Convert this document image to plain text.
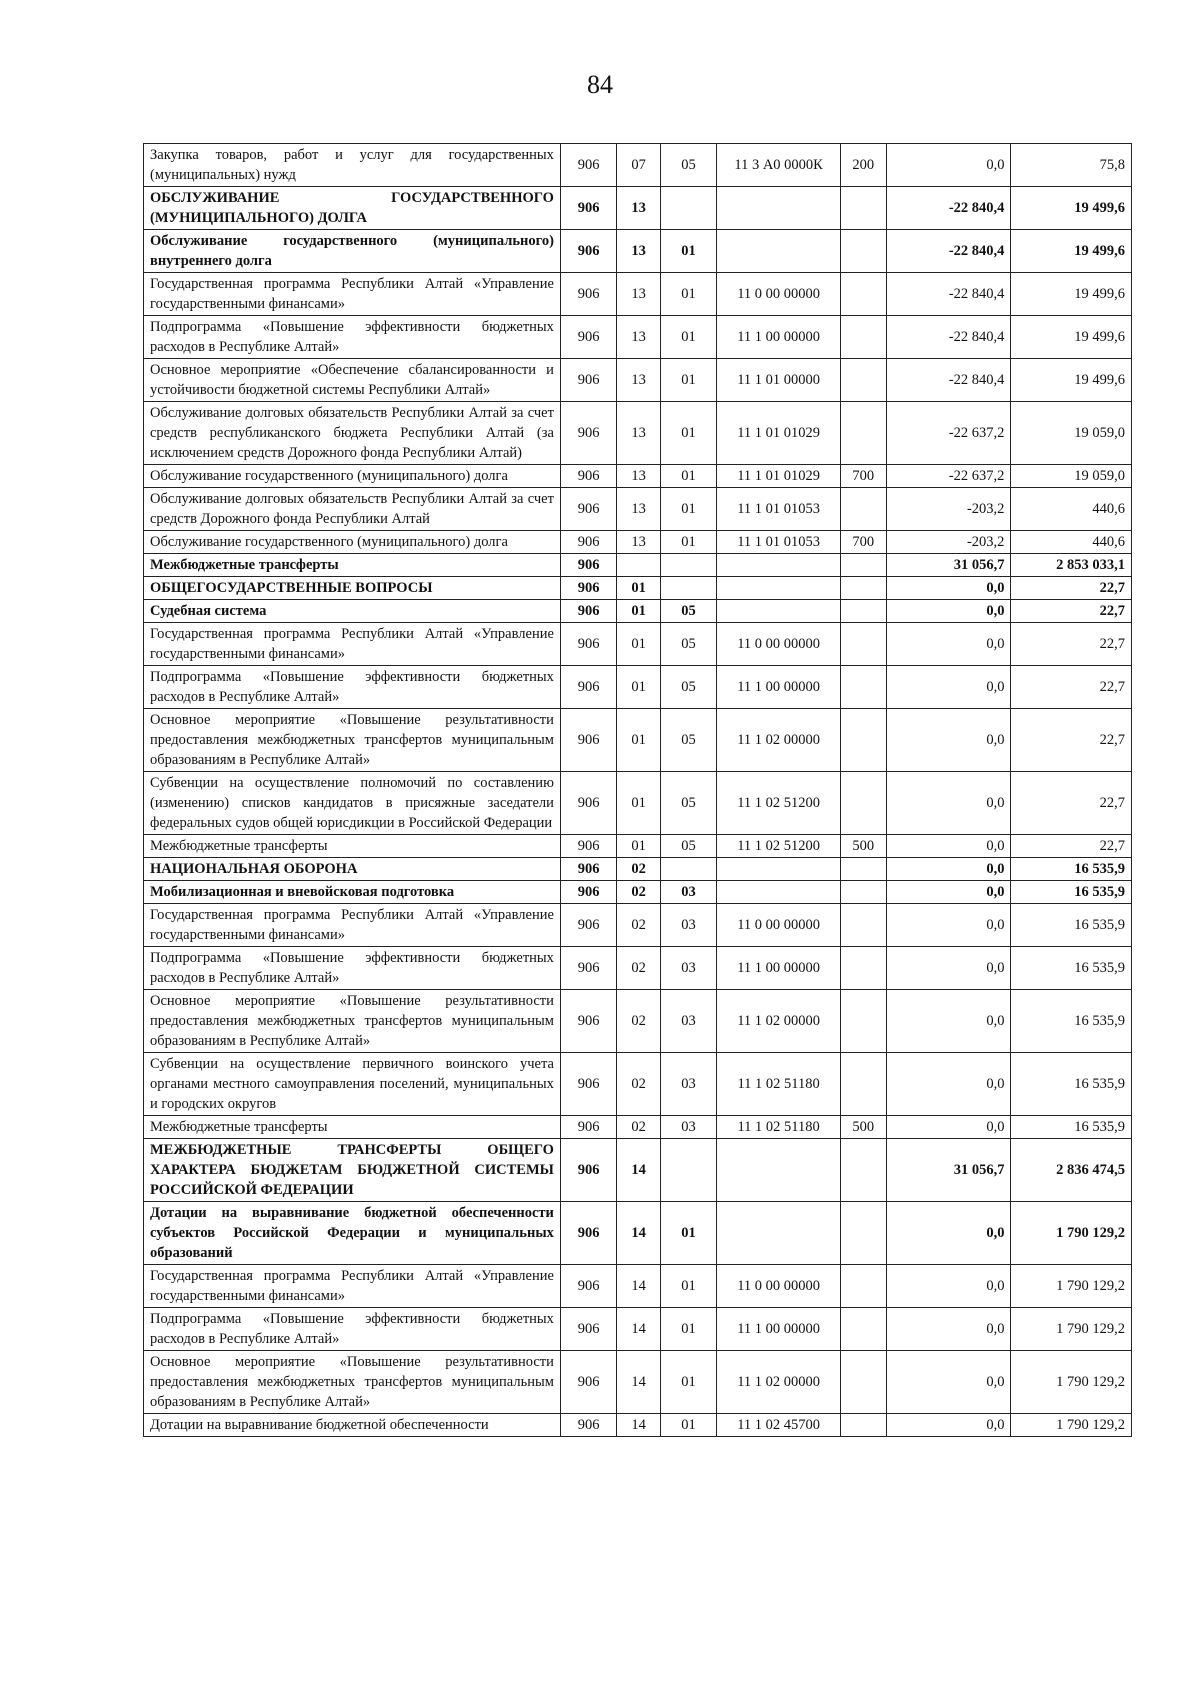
84
Закупка товаров, работ и услуг для государственных (муниципальных) нужд	906	07	05	11 3 А0 0000К	200	0,0	75,8
ОБСЛУЖИВАНИЕ ГОСУДАРСТВЕННОГО (МУНИЦИПАЛЬНОГО) ДОЛГА	906	13				-22 840,4	19 499,6
Обслуживание государственного (муниципального) внутреннего долга	906	13	01			-22 840,4	19 499,6
Государственная программа Республики Алтай «Управление государственными финансами»	906	13	01	11 0 00 00000		-22 840,4	19 499,6
Подпрограмма «Повышение эффективности бюджетных расходов в Республике Алтай»	906	13	01	11 1 00 00000		-22 840,4	19 499,6
Основное мероприятие «Обеспечение сбалансированности и устойчивости бюджетной системы Республики Алтай»	906	13	01	11 1 01 00000		-22 840,4	19 499,6
Обслуживание долговых обязательств Республики Алтай за счет средств республиканского бюджета Республики Алтай (за исключением средств Дорожного фонда Республики Алтай)	906	13	01	11 1 01 01029		-22 637,2	19 059,0
Обслуживание государственного (муниципального) долга	906	13	01	11 1 01 01029	700	-22 637,2	19 059,0
Обслуживание долговых обязательств Республики Алтай за счет средств Дорожного фонда Республики Алтай	906	13	01	11 1 01 01053		-203,2	440,6
Обслуживание государственного (муниципального) долга	906	13	01	11 1 01 01053	700	-203,2	440,6
Межбюджетные трансферты	906					31 056,7	2 853 033,1
ОБЩЕГОСУДАРСТВЕННЫЕ ВОПРОСЫ	906	01				0,0	22,7
Судебная система	906	01	05			0,0	22,7
Государственная программа Республики Алтай «Управление государственными финансами»	906	01	05	11 0 00 00000		0,0	22,7
Подпрограмма «Повышение эффективности бюджетных расходов в Республике Алтай»	906	01	05	11 1 00 00000		0,0	22,7
Основное мероприятие «Повышение результативности предоставления межбюджетных трансфертов муниципальным образованиям в Республике Алтай»	906	01	05	11 1 02 00000		0,0	22,7
Субвенции на осуществление полномочий по составлению (изменению) списков кандидатов в присяжные заседатели федеральных судов общей юрисдикции в Российской Федерации	906	01	05	11 1 02 51200		0,0	22,7
Межбюджетные трансферты	906	01	05	11 1 02 51200	500	0,0	22,7
НАЦИОНАЛЬНАЯ ОБОРОНА	906	02				0,0	16 535,9
Мобилизационная и вневойсковая подготовка	906	02	03			0,0	16 535,9
Государственная программа Республики Алтай «Управление государственными финансами»	906	02	03	11 0 00 00000		0,0	16 535,9
Подпрограмма «Повышение эффективности бюджетных расходов в Республике Алтай»	906	02	03	11 1 00 00000		0,0	16 535,9
Основное мероприятие «Повышение результативности предоставления межбюджетных трансфертов муниципальным образованиям в Республике Алтай»	906	02	03	11 1 02 00000		0,0	16 535,9
Субвенции на осуществление первичного воинского учета органами местного самоуправления поселений, муниципальных и городских округов	906	02	03	11 1 02 51180		0,0	16 535,9
Межбюджетные трансферты	906	02	03	11 1 02 51180	500	0,0	16 535,9
МЕЖБЮДЖЕТНЫЕ ТРАНСФЕРТЫ ОБЩЕГО ХАРАКТЕРА БЮДЖЕТАМ БЮДЖЕТНОЙ СИСТЕМЫ РОССИЙСКОЙ ФЕДЕРАЦИИ	906	14				31 056,7	2 836 474,5
Дотации на выравнивание бюджетной обеспеченности субъектов Российской Федерации и муниципальных образований	906	14	01			0,0	1 790 129,2
Государственная программа Республики Алтай «Управление государственными финансами»	906	14	01	11 0 00 00000		0,0	1 790 129,2
Подпрограмма «Повышение эффективности бюджетных расходов в Республике Алтай»	906	14	01	11 1 00 00000		0,0	1 790 129,2
Основное мероприятие «Повышение результативности предоставления межбюджетных трансфертов муниципальным образованиям в Республике Алтай»	906	14	01	11 1 02 00000		0,0	1 790 129,2
Дотации на выравнивание бюджетной обеспеченности	906	14	01	11 1 02 45700		0,0	1 790 129,2
